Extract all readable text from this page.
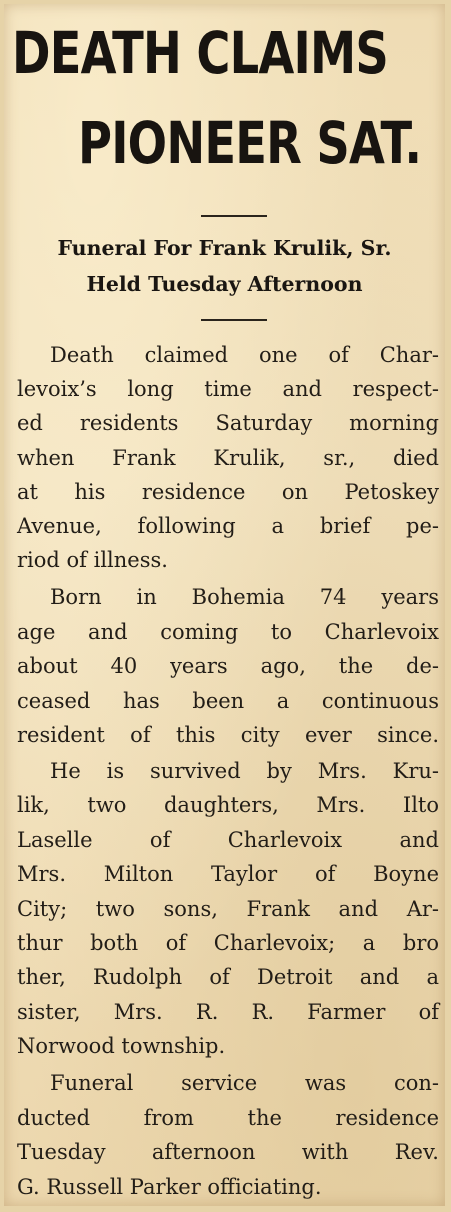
DEATH CLAIMS
PIONEER SAT.
Funeral For Frank Krulik, Sr.
Held Tuesday Afternoon
Death claimed one of Char-
levoix’s long time and respect-
ed residents Saturday morning
when Frank Krulik, sr., died
at his residence on Petoskey
Avenue, following a brief pe-
riod of illness.
Born in Bohemia 74 years
age and coming to Charlevoix
about 40 years ago, the de-
ceased has been a continuous
resident of this city ever since.
He is survived by Mrs. Kru-
lik, two daughters, Mrs. Ilto
Laselle of Charlevoix and
Mrs. Milton Taylor of Boyne
City; two sons, Frank and Ar-
thur both of Charlevoix; a bro
ther, Rudolph of Detroit and a
sister, Mrs. R. R. Farmer of
Norwood township.
Funeral service was con-
ducted from the residence
Tuesday afternoon with Rev.
G. Russell Parker officiating.
